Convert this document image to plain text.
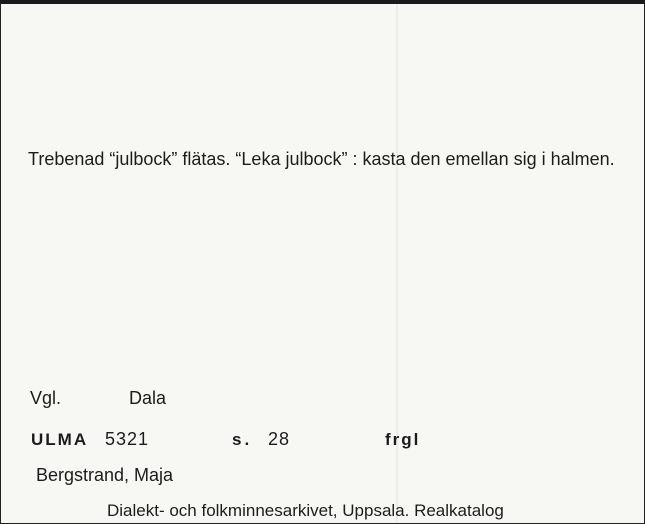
Trebenad “julbock” flätas. “Leka julbock” : kasta den emellan sig i halmen.
Vgl.	Dala
ULMA 5321	s. 28	frgl
Bergstrand, Maja
Dialekt- och folkminnesarkivet, Uppsala. Realkatalog
